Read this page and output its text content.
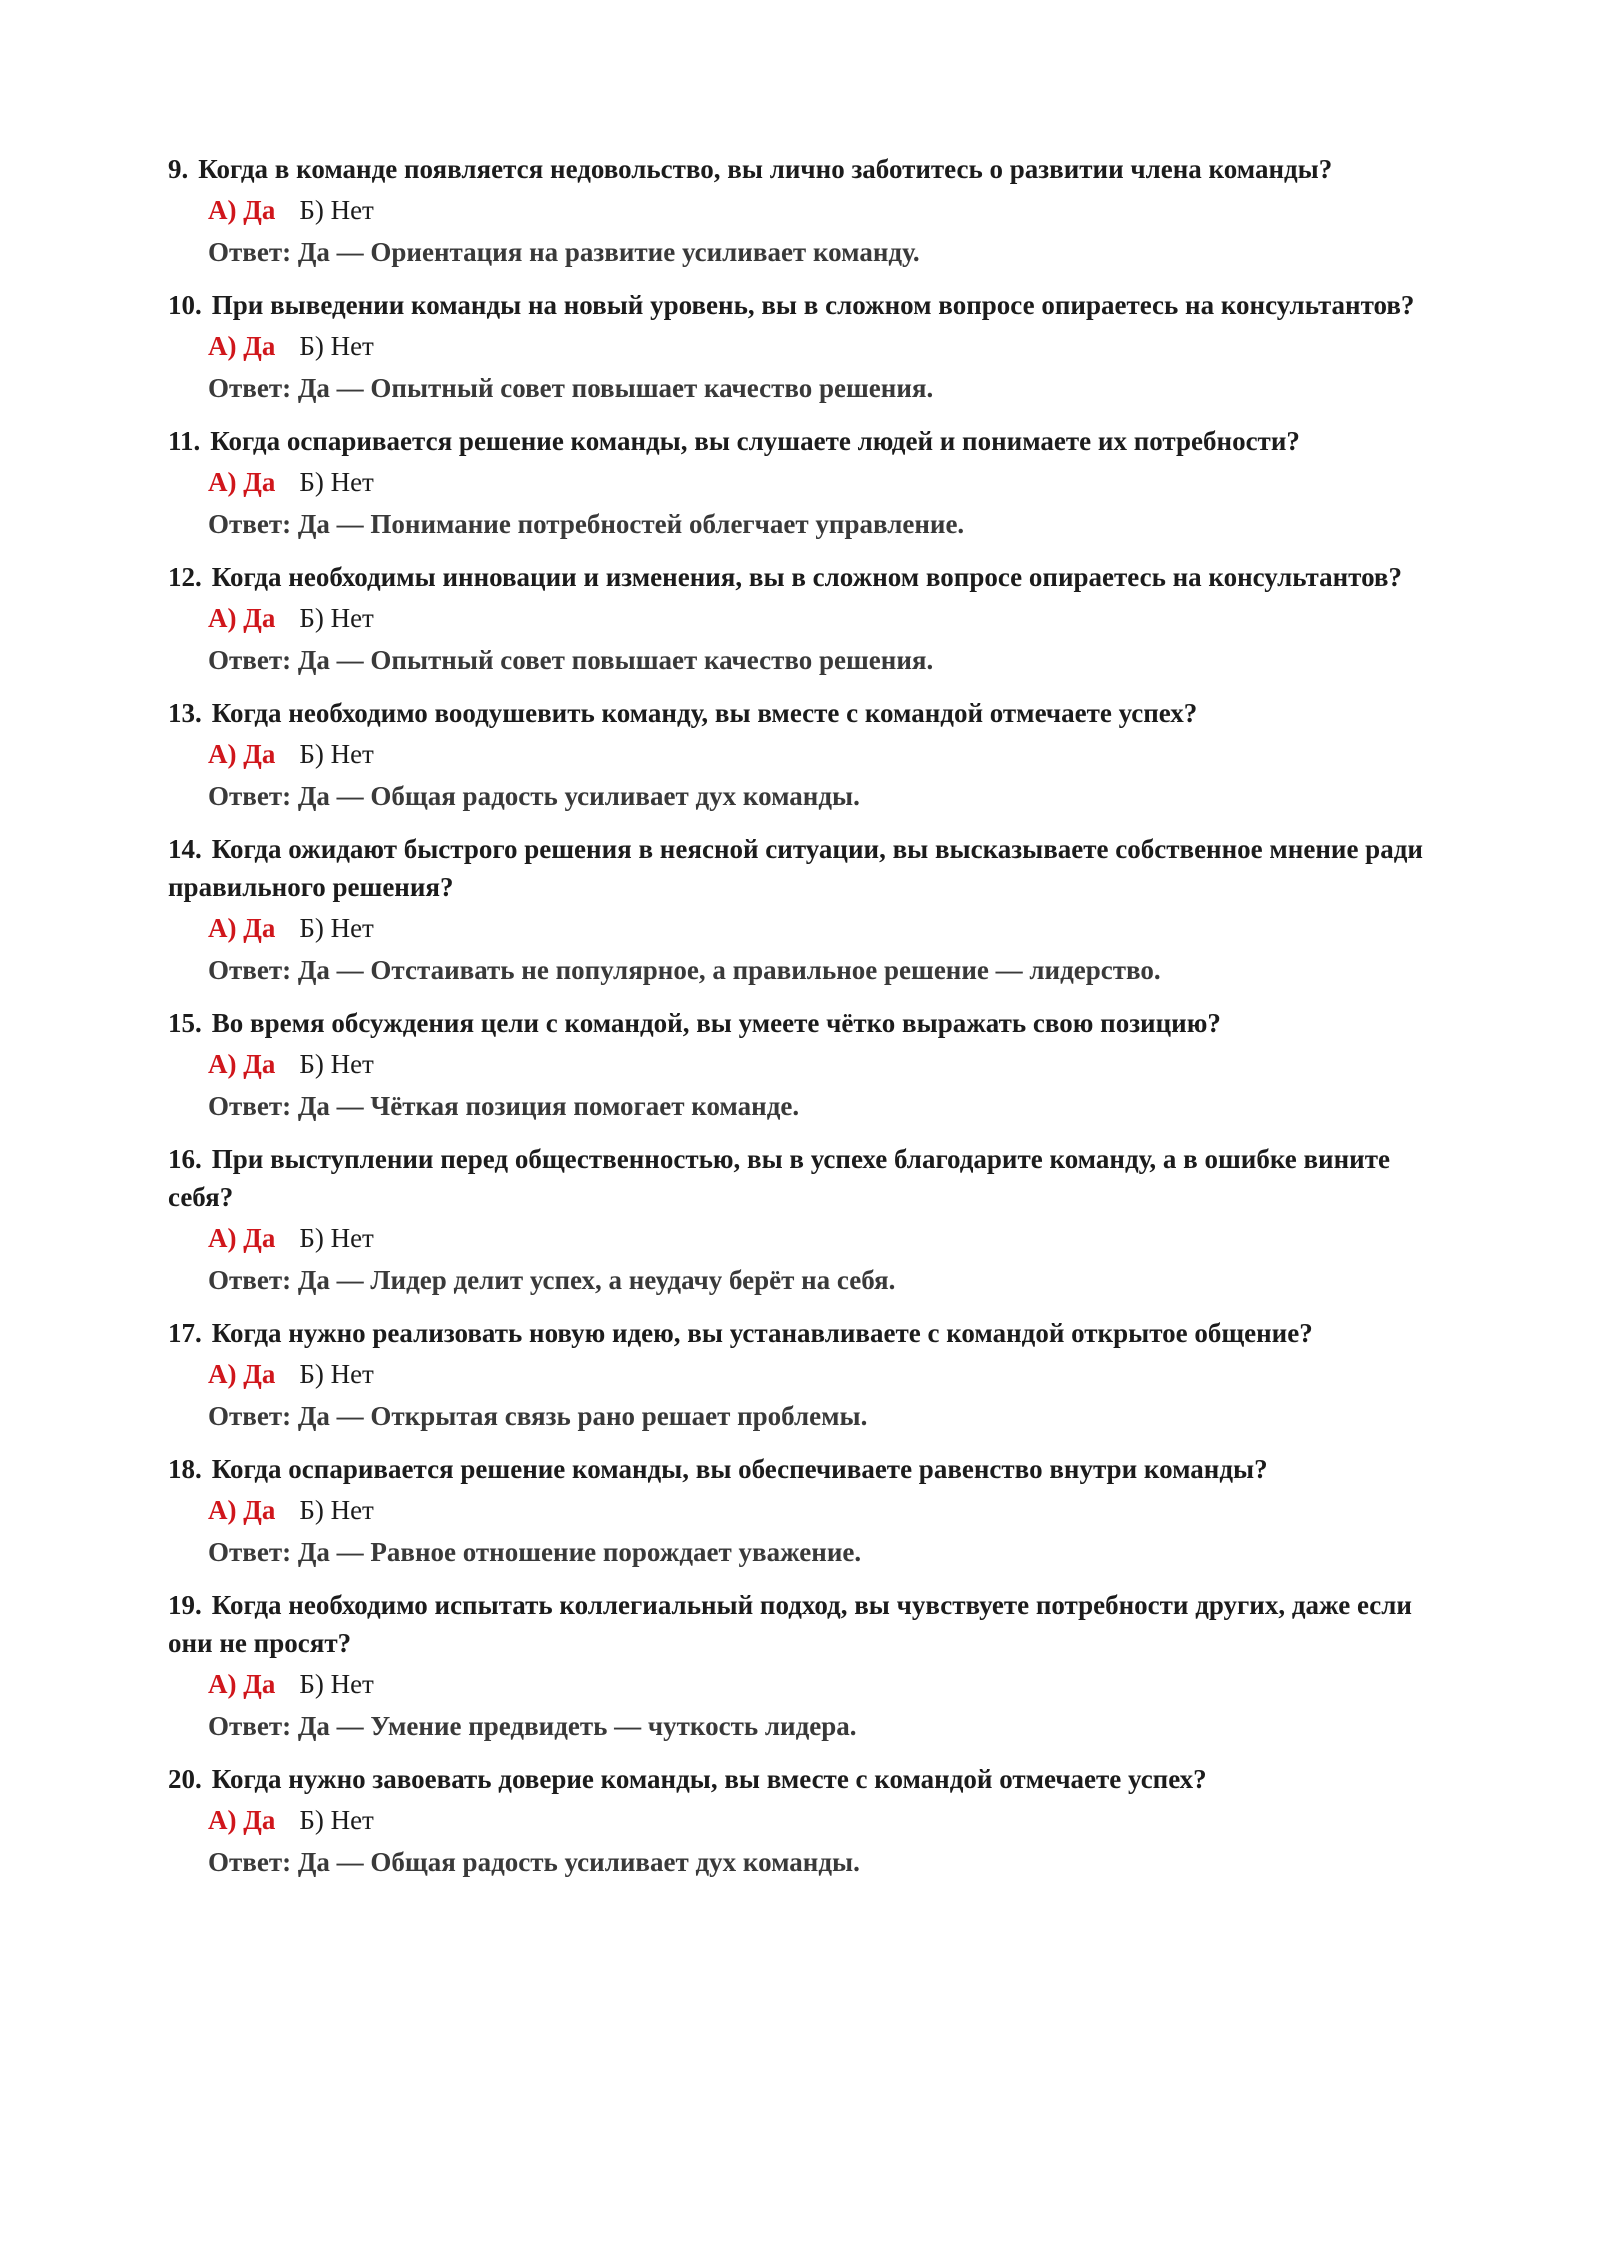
9. Когда в команде появляется недовольство, вы лично заботитесь о развитии члена команды?

А) Да Б) Нет
Ответ: Да — Ориентация на развитие усиливает команду.

10. При выведении команды на новый уровень, вы в сложном вопросе опираетесь на консультантов?

А) Да Б) Нет
Ответ: Да — Опытный совет повышает качество решения.

11. Когда оспаривается решение команды, вы слушаете людей и понимаете их потребности?

А) Да Б) Нет
Ответ: Да — Понимание потребностей облегчает управление.

12. Когда необходимы инновации и изменения, вы в сложном вопросе опираетесь на консультантов?

А) Да Б) Нет
Ответ: Да — Опытный совет повышает качество решения.

13. Когда необходимо воодушевить команду, вы вместе с командой отмечаете успех?

А) Да Б) Нет
Ответ: Да — Общая радость усиливает дух команды.

14. Когда ожидают быстрого решения в неясной ситуации, вы высказываете собственное мнение ради правильного решения?

А) Да Б) Нет
Ответ: Да — Отстаивать не популярное, а правильное решение — лидерство.

15. Во время обсуждения цели с командой, вы умеете чётко выражать свою позицию?

А) Да Б) Нет
Ответ: Да — Чёткая позиция помогает команде.

16. При выступлении перед общественностью, вы в успехе благодарите команду, а в ошибке вините себя?

А) Да Б) Нет
Ответ: Да — Лидер делит успех, а неудачу берёт на себя.

17. Когда нужно реализовать новую идею, вы устанавливаете с командой открытое общение?

А) Да Б) Нет
Ответ: Да — Открытая связь рано решает проблемы.

18. Когда оспаривается решение команды, вы обеспечиваете равенство внутри команды?

А) Да Б) Нет
Ответ: Да — Равное отношение порождает уважение.

19. Когда необходимо испытать коллегиальный подход, вы чувствуете потребности других, даже если они не просят?

А) Да Б) Нет
Ответ: Да — Умение предвидеть — чуткость лидера.

20. Когда нужно завоевать доверие команды, вы вместе с командой отмечаете успех?

А) Да Б) Нет
Ответ: Да — Общая радость усиливает дух команды.
